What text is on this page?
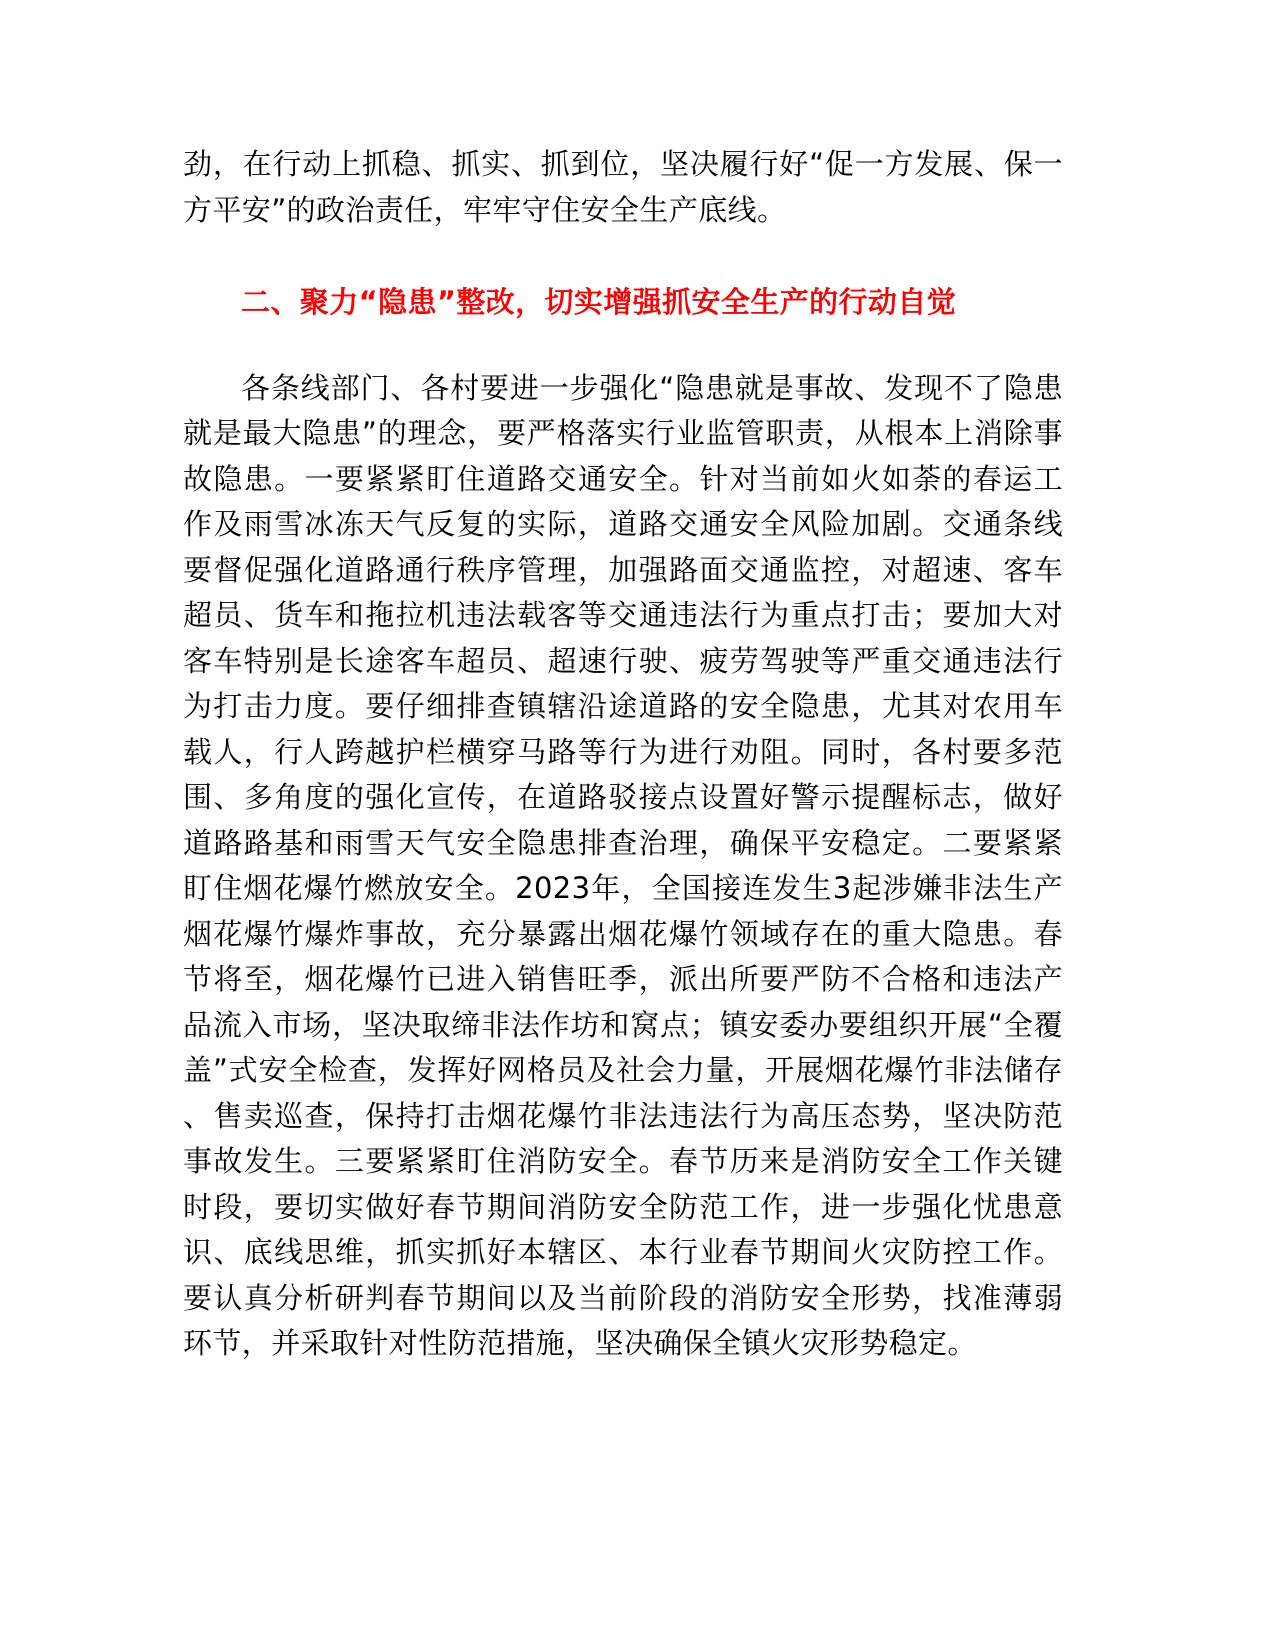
劲，在行动上抓稳、抓实、抓到位，坚决履行好“促一方发展、保一方平安”的政治责任，牢牢守住安全生产底线。

二、聚力“隐患”整改，切实增强抓安全生产的行动自觉

各条线部门、各村要进一步强化“隐患就是事故、发现不了隐患就是最大隐患”的理念，要严格落实行业监管职责，从根本上消除事故隐患。一要紧紧盯住道路交通安全。针对当前如火如荼的春运工作及雨雪冰冻天气反复的实际，道路交通安全风险加剧。交通条线要督促强化道路通行秩序管理，加强路面交通监控，对超速、客车超员、货车和拖拉机违法载客等交通违法行为重点打击；要加大对客车特别是长途客车超员、超速行驶、疲劳驾驶等严重交通违法行为打击力度。要仔细排查镇辖沿途道路的安全隐患，尤其对农用车载人，行人跨越护栏横穿马路等行为进行劝阻。同时，各村要多范围、多角度的强化宣传，在道路驳接点设置好警示提醒标志，做好道路路基和雨雪天气安全隐患排查治理，确保平安稳定。二要紧紧盯住烟花爆竹燃放安全。2023年，全国接连发生3起涉嫌非法生产烟花爆竹爆炸事故，充分暴露出烟花爆竹领域存在的重大隐患。春节将至，烟花爆竹已进入销售旺季，派出所要严防不合格和违法产品流入市场，坚决取缔非法作坊和窝点；镇安委办要组织开展“全覆盖”式安全检查，发挥好网格员及社会力量，开展烟花爆竹非法储存、售卖巡查，保持打击烟花爆竹非法违法行为高压态势，坚决防范事故发生。三要紧紧盯住消防安全。春节历来是消防安全工作关键时段，要切实做好春节期间消防安全防范工作，进一步强化忧患意识、底线思维，抓实抓好本辖区、本行业春节期间火灾防控工作。要认真分析研判春节期间以及当前阶段的消防安全形势，找准薄弱环节，并采取针对性防范措施，坚决确保全镇火灾形势稳定。
